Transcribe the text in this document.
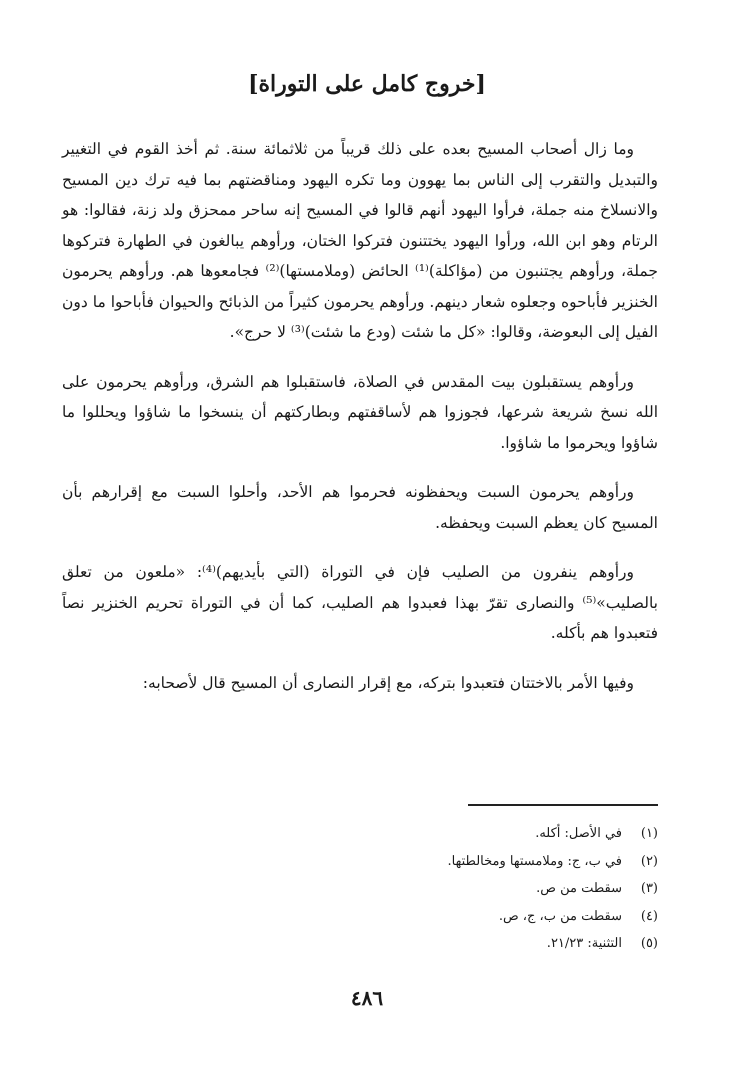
[خروج كامل على التوراة]

وما زال أصحاب المسيح بعده على ذلك قريباً من ثلاثمائة سنة. ثم أخذ القوم في التغيير والتبديل والتقرب إلى الناس بما يهوون وما تكره اليهود ومناقضتهم بما فيه ترك دين المسيح والانسلاخ منه جملة، فرأوا اليهود أنهم قالوا في المسيح إنه ساحر ممحزق ولد زنة، فقالوا: هو الرتام وهو ابن الله، ورأوا اليهود يختتنون فتركوا الختان، ورأوهم يبالغون في الطهارة فتركوها جملة، ورأوهم يجتنبون من (مؤاكلة)⁽¹⁾ الحائض (وملامستها)⁽²⁾ فجامعوها هم. ورأوهم يحرمون الخنزير فأباحوه وجعلوه شعار دينهم. ورأوهم يحرمون كثيراً من الذبائح والحيوان فأباحوا ما دون الفيل إلى البعوضة، وقالوا: «كل ما شئت (ودع ما شئت)⁽³⁾ لا حرج».

ورأوهم يستقبلون بيت المقدس في الصلاة، فاستقبلوا هم الشرق، ورأوهم يحرمون على الله نسخ شريعة شرعها، فجوزوا هم لأساقفتهم وبطاركتهم أن ينسخوا ما شاؤوا ويحللوا ما شاؤوا ويحرموا ما شاؤوا.

ورأوهم يحرمون السبت ويحفظونه فحرموا هم الأحد، وأحلوا السبت مع إقرارهم بأن المسيح كان يعظم السبت ويحفظه.

ورأوهم ينفرون من الصليب فإن في التوراة (التي بأيديهم)⁽⁴⁾: «ملعون من تعلق بالصليب»⁽⁵⁾ والنصارى تقرّ بهذا فعبدوا هم الصليب، كما أن في التوراة تحريم الخنزير نصاً فتعبدوا هم بأكله.

وفيها الأمر بالاختتان فتعبدوا بتركه، مع إقرار النصارى أن المسيح قال لأصحابه:

(١)
في الأصل: أكله.
(٢)
في ب، ج: وملامستها ومخالطتها.
(٣)
سقطت من ص.
(٤)
سقطت من ب، ج، ص.
(٥)
التثنية: ٢١/٢٣.
٤٨٦
